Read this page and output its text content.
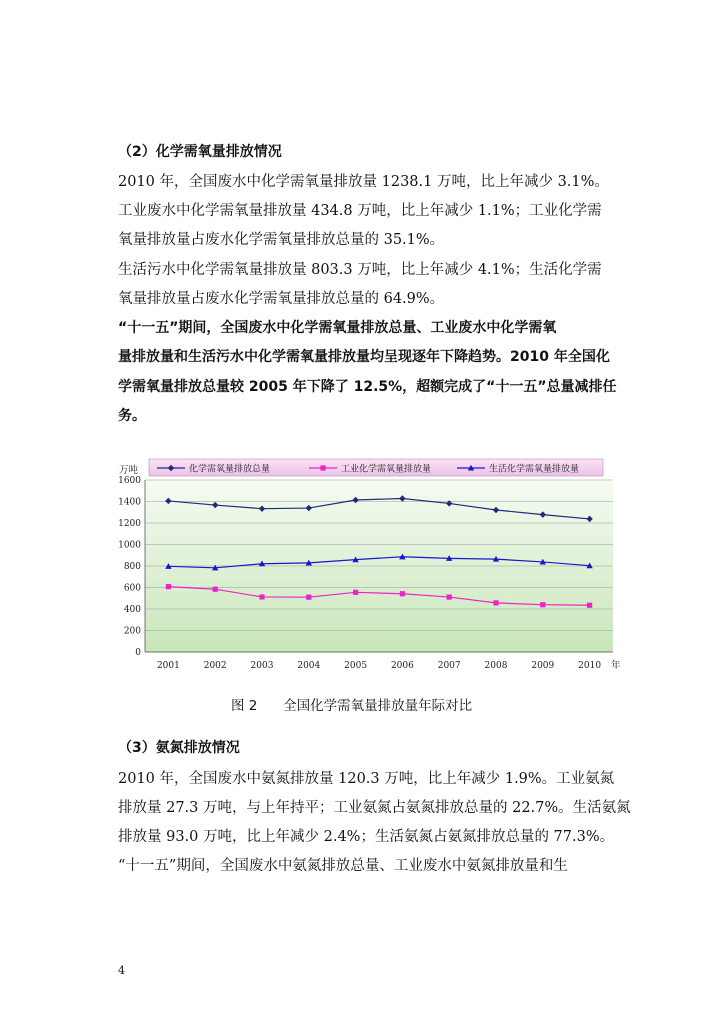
（2）化学需氧量排放情况

2010 年，全国废水中化学需氧量排放量 1238.1 万吨，比上年减少 3.1%。

工业废水中化学需氧量排放量 434.8 万吨，比上年减少 1.1%；工业化学需

氧量排放量占废水化学需氧量排放总量的 35.1%。

生活污水中化学需氧量排放量 803.3 万吨，比上年减少 4.1%；生活化学需

氧量排放量占废水化学需氧量排放总量的 64.9%。

“十一五”期间，全国废水中化学需氧量排放总量、工业废水中化学需氧

量排放量和生活污水中化学需氧量排放量均呈现逐年下降趋势。2010 年全国化

学需氧量排放总量较 2005 年下降了 12.5%，超额完成了“十一五”总量减排任

务。

0
200
400
600
800
1000
1200
1400
1600
2001	2002	2003	2004	2005	2006	2007	2008	2009	2010
化学需氧量排放总量	工业化学需氧量排放量	生活化学需氧量排放量
万吨
年

图 2      全国化学需氧量排放量年际对比

（3）氨氮排放情况

2010 年，全国废水中氨氮排放量 120.3 万吨，比上年减少 1.9%。工业氨氮

排放量 27.3 万吨，与上年持平；工业氨氮占氨氮排放总量的 22.7%。生活氨氮

排放量 93.0 万吨，比上年减少 2.4%；生活氨氮占氨氮排放总量的 77.3%。

“十一五”期间，全国废水中氨氮排放总量、工业废水中氨氮排放量和生

4
